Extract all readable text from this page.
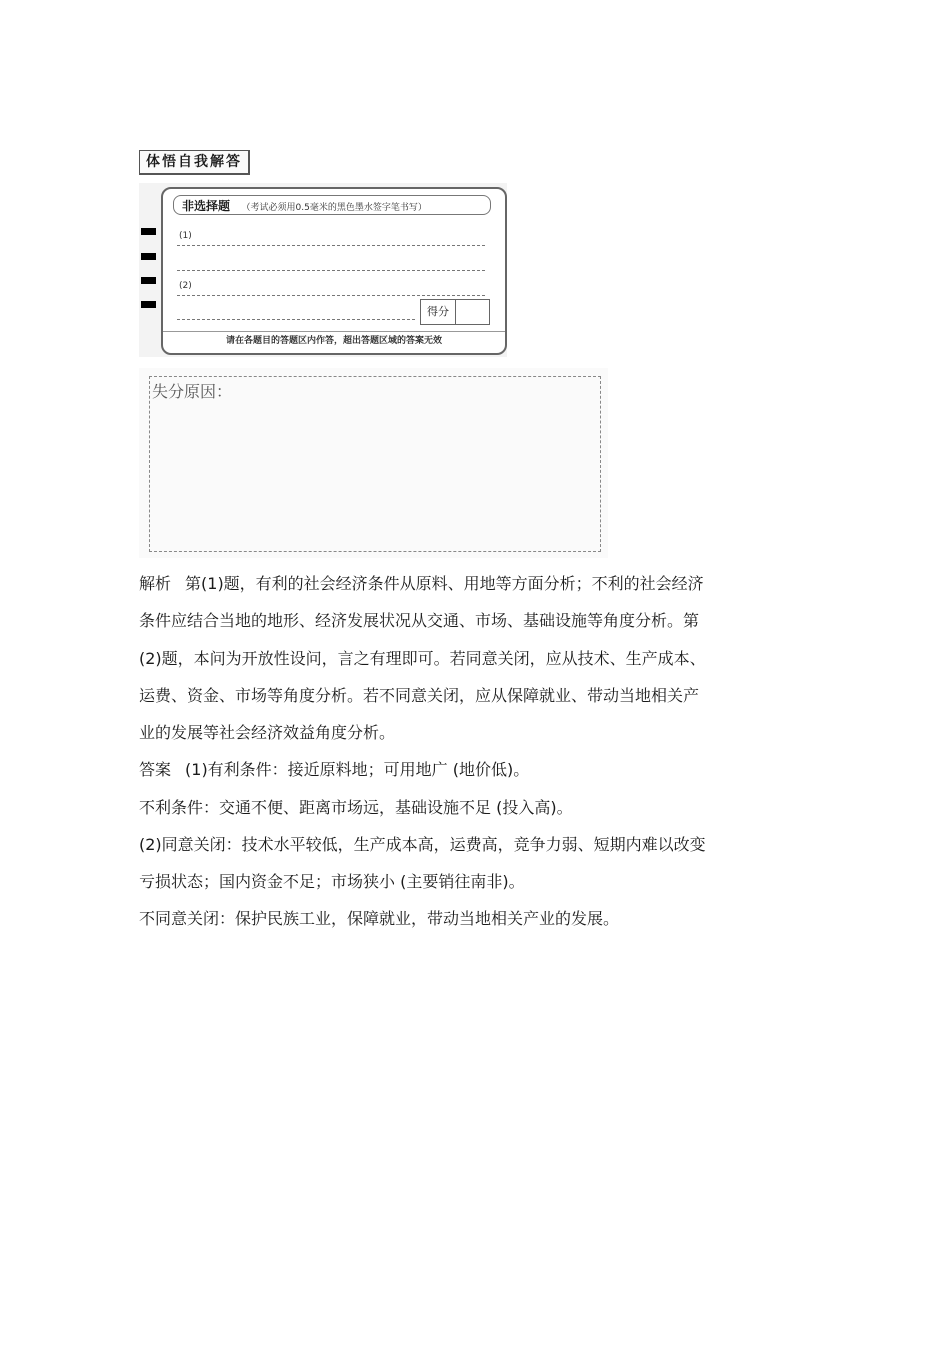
体悟自我解答
非选择题 （考试必须用0.5毫米的黑色墨水签字笔书写）
(1)
(2)
得分
请在各题目的答题区内作答，超出答题区域的答案无效
失分原因：

解析 第(1)题，有利的社会经济条件从原料、用地等方面分析；不利的社会经济

条件应结合当地的地形、经济发展状况从交通、市场、基础设施等角度分析。第

(2)题，本问为开放性设问，言之有理即可。若同意关闭，应从技术、生产成本、

运费、资金、市场等角度分析。若不同意关闭，应从保障就业、带动当地相关产

业的发展等社会经济效益角度分析。

答案 (1)有利条件：接近原料地；可用地广 (地价低)。

不利条件：交通不便、距离市场远，基础设施不足 (投入高)。

(2)同意关闭：技术水平较低，生产成本高，运费高，竞争力弱、短期内难以改变

亏损状态；国内资金不足；市场狭小 (主要销往南非)。

不同意关闭：保护民族工业，保障就业，带动当地相关产业的发展。
